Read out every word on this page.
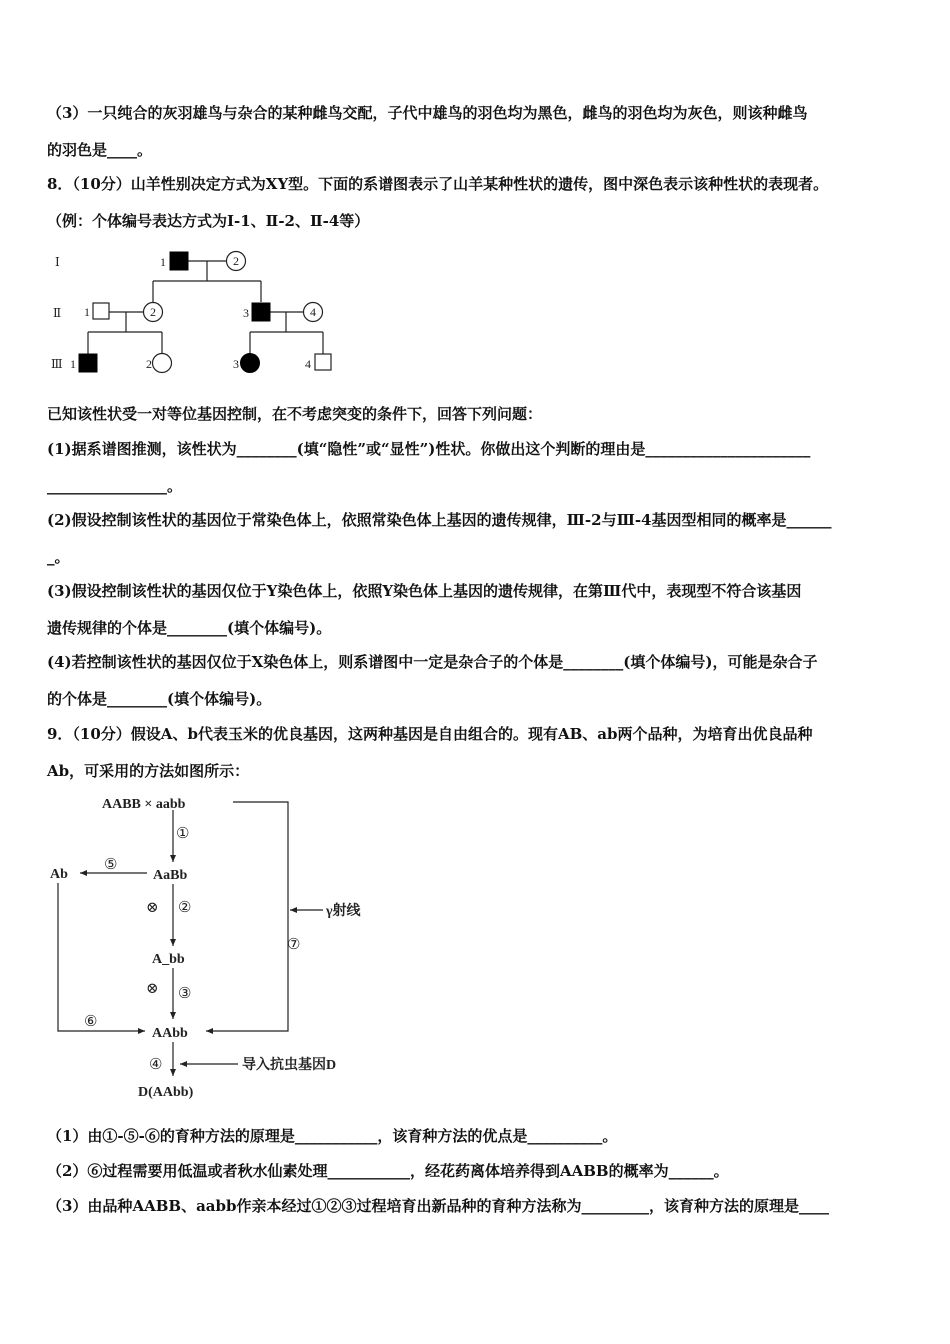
（3）一只纯合的灰羽雄鸟与杂合的某种雌鸟交配，子代中雄鸟的羽色均为黑色，雌鸟的羽色均为灰色，则该种雌鸟
的羽色是____。
8．（10分）山羊性别决定方式为XY型。下面的系谱图表示了山羊某种性状的遗传，图中深色表示该种性状的表现者。
（例：个体编号表达方式为Ⅰ-1、Ⅱ-2、Ⅱ-4等）
Ⅰ
Ⅱ
Ⅲ
1	2
1	2	3	4
1	2	3	4
已知该性状受一对等位基因控制，在不考虑突变的条件下，回答下列问题：
(1)据系谱图推测，该性状为________(填“隐性”或“显性”)性状。你做出这个判断的理由是______________________
________________。
(2)假设控制该性状的基因位于常染色体上，依照常染色体上基因的遗传规律，Ⅲ-2与Ⅲ-4基因型相同的概率是______
_。
(3)假设控制该性状的基因仅位于Y染色体上，依照Y染色体上基因的遗传规律，在第Ⅲ代中，表现型不符合该基因
遗传规律的个体是________(填个体编号)。
(4)若控制该性状的基因仅位于X染色体上，则系谱图中一定是杂合子的个体是________(填个体编号)，可能是杂合子
的个体是________(填个体编号)。
9．（10分）假设A、b代表玉米的优良基因，这两种基因是自由组合的。现有AB、ab两个品种，为培育出优良品种
Ab，可采用的方法如图所示：
AABB × aabb
Ab	AaBb
A_bb
AAbb
D(AAbb)
①
⑤
⊗ ②
⊗ ③
⑥
⑦
④
γ射线
导入抗虫基因D
（1）由①-⑤-⑥的育种方法的原理是___________，该育种方法的优点是__________。
（2）⑥过程需要用低温或者秋水仙素处理___________，经花药离体培养得到AABB的概率为______。
（3）由品种AABB、aabb作亲本经过①②③过程培育出新品种的育种方法称为_________，该育种方法的原理是____
